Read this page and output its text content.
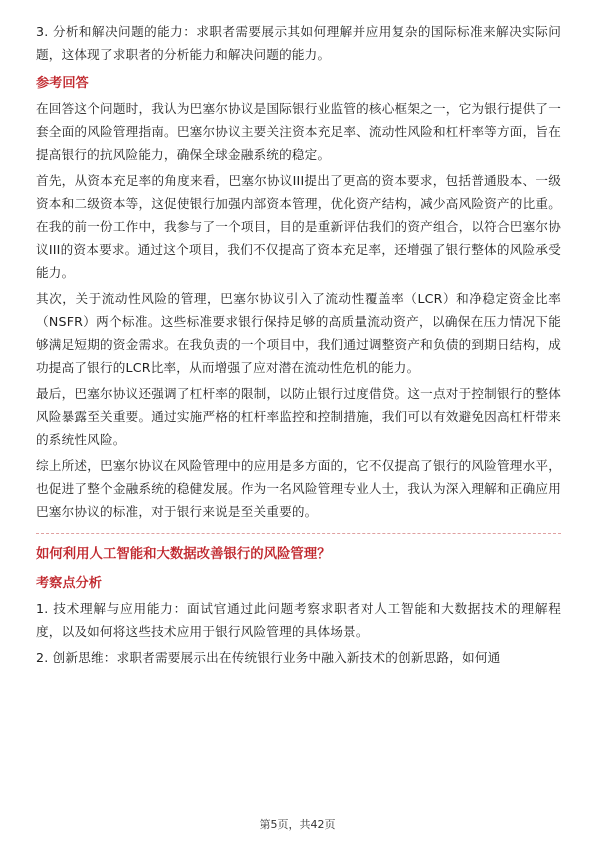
3. 分析和解决问题的能力：求职者需要展示其如何理解并应用复杂的国际标准来解决实际问题，这体现了求职者的分析能力和解决问题的能力。

参考回答

在回答这个问题时，我认为巴塞尔协议是国际银行业监管的核心框架之一，它为银行提供了一套全面的风险管理指南。巴塞尔协议主要关注资本充足率、流动性风险和杠杆率等方面，旨在提高银行的抗风险能力，确保全球金融系统的稳定。

首先，从资本充足率的角度来看，巴塞尔协议III提出了更高的资本要求，包括普通股本、一级资本和二级资本等，这促使银行加强内部资本管理，优化资产结构，减少高风险资产的比重。在我的前一份工作中，我参与了一个项目，目的是重新评估我们的资产组合，以符合巴塞尔协议III的资本要求。通过这个项目，我们不仅提高了资本充足率，还增强了银行整体的风险承受能力。

其次，关于流动性风险的管理，巴塞尔协议引入了流动性覆盖率（LCR）和净稳定资金比率（NSFR）两个标准。这些标准要求银行保持足够的高质量流动资产，以确保在压力情况下能够满足短期的资金需求。在我负责的一个项目中，我们通过调整资产和负债的到期日结构，成功提高了银行的LCR比率，从而增强了应对潜在流动性危机的能力。

最后，巴塞尔协议还强调了杠杆率的限制，以防止银行过度借贷。这一点对于控制银行的整体风险暴露至关重要。通过实施严格的杠杆率监控和控制措施，我们可以有效避免因高杠杆带来的系统性风险。

综上所述，巴塞尔协议在风险管理中的应用是多方面的，它不仅提高了银行的风险管理水平，也促进了整个金融系统的稳健发展。作为一名风险管理专业人士，我认为深入理解和正确应用巴塞尔协议的标准，对于银行来说是至关重要的。

如何利用人工智能和大数据改善银行的风险管理？
考察点分析

1. 技术理解与应用能力：面试官通过此问题考察求职者对人工智能和大数据技术的理解程度，以及如何将这些技术应用于银行风险管理的具体场景。

2. 创新思维：求职者需要展示出在传统银行业务中融入新技术的创新思路，如何通

第5页，共42页
